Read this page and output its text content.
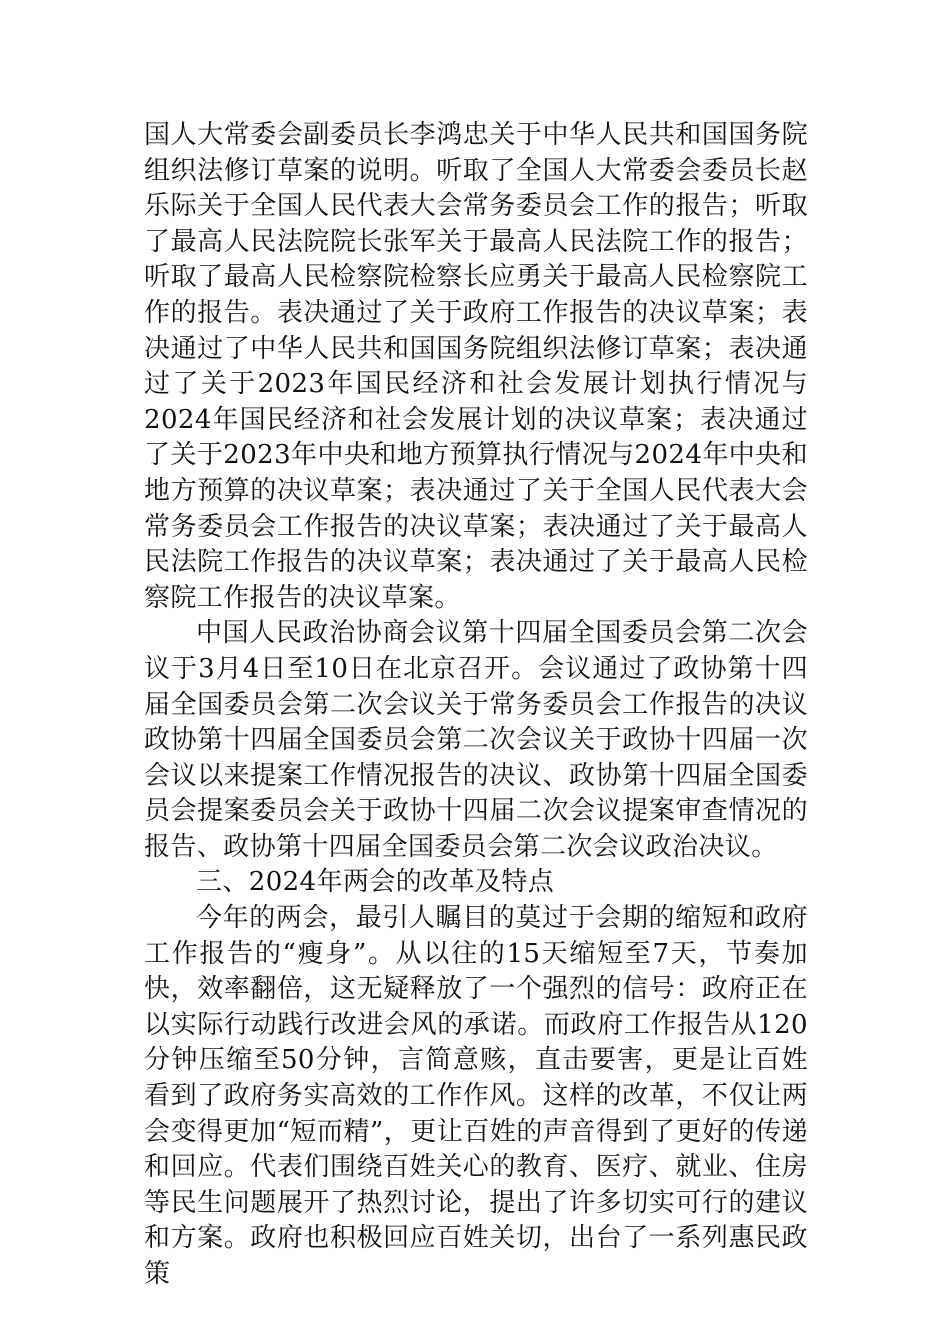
国人大常委会副委员长李鸿忠关于中华人民共和国国务院组织法修订草案的说明。听取了全国人大常委会委员长赵乐际关于全国人民代表大会常务委员会工作的报告；听取了最高人民法院院长张军关于最高人民法院工作的报告；听取了最高人民检察院检察长应勇关于最高人民检察院工作的报告。表决通过了关于政府工作报告的决议草案；表决通过了中华人民共和国国务院组织法修订草案；表决通过了关于2023年国民经济和社会发展计划执行情况与2024年国民经济和社会发展计划的决议草案；表决通过了关于2023年中央和地方预算执行情况与2024年中央和地方预算的决议草案；表决通过了关于全国人民代表大会常务委员会工作报告的决议草案；表决通过了关于最高人民法院工作报告的决议草案；表决通过了关于最高人民检察院工作报告的决议草案。

中国人民政治协商会议第十四届全国委员会第二次会议于3月4日至10日在北京召开。会议通过了政协第十四届全国委员会第二次会议关于常务委员会工作报告的决议政协第十四届全国委员会第二次会议关于政协十四届一次会议以来提案工作情况报告的决议、政协第十四届全国委员会提案委员会关于政协十四届二次会议提案审查情况的报告、政协第十四届全国委员会第二次会议政治决议。

三、2024年两会的改革及特点

今年的两会，最引人瞩目的莫过于会期的缩短和政府工作报告的“瘦身”。从以往的15天缩短至7天，节奏加快，效率翻倍，这无疑释放了一个强烈的信号：政府正在以实际行动践行改进会风的承诺。而政府工作报告从120分钟压缩至50分钟，言简意赅，直击要害，更是让百姓看到了政府务实高效的工作作风。这样的改革，不仅让两会变得更加“短而精”，更让百姓的声音得到了更好的传递和回应。代表们围绕百姓关心的教育、医疗、就业、住房等民生问题展开了热烈讨论，提出了许多切实可行的建议和方案。政府也积极回应百姓关切，出台了一系列惠民政策
